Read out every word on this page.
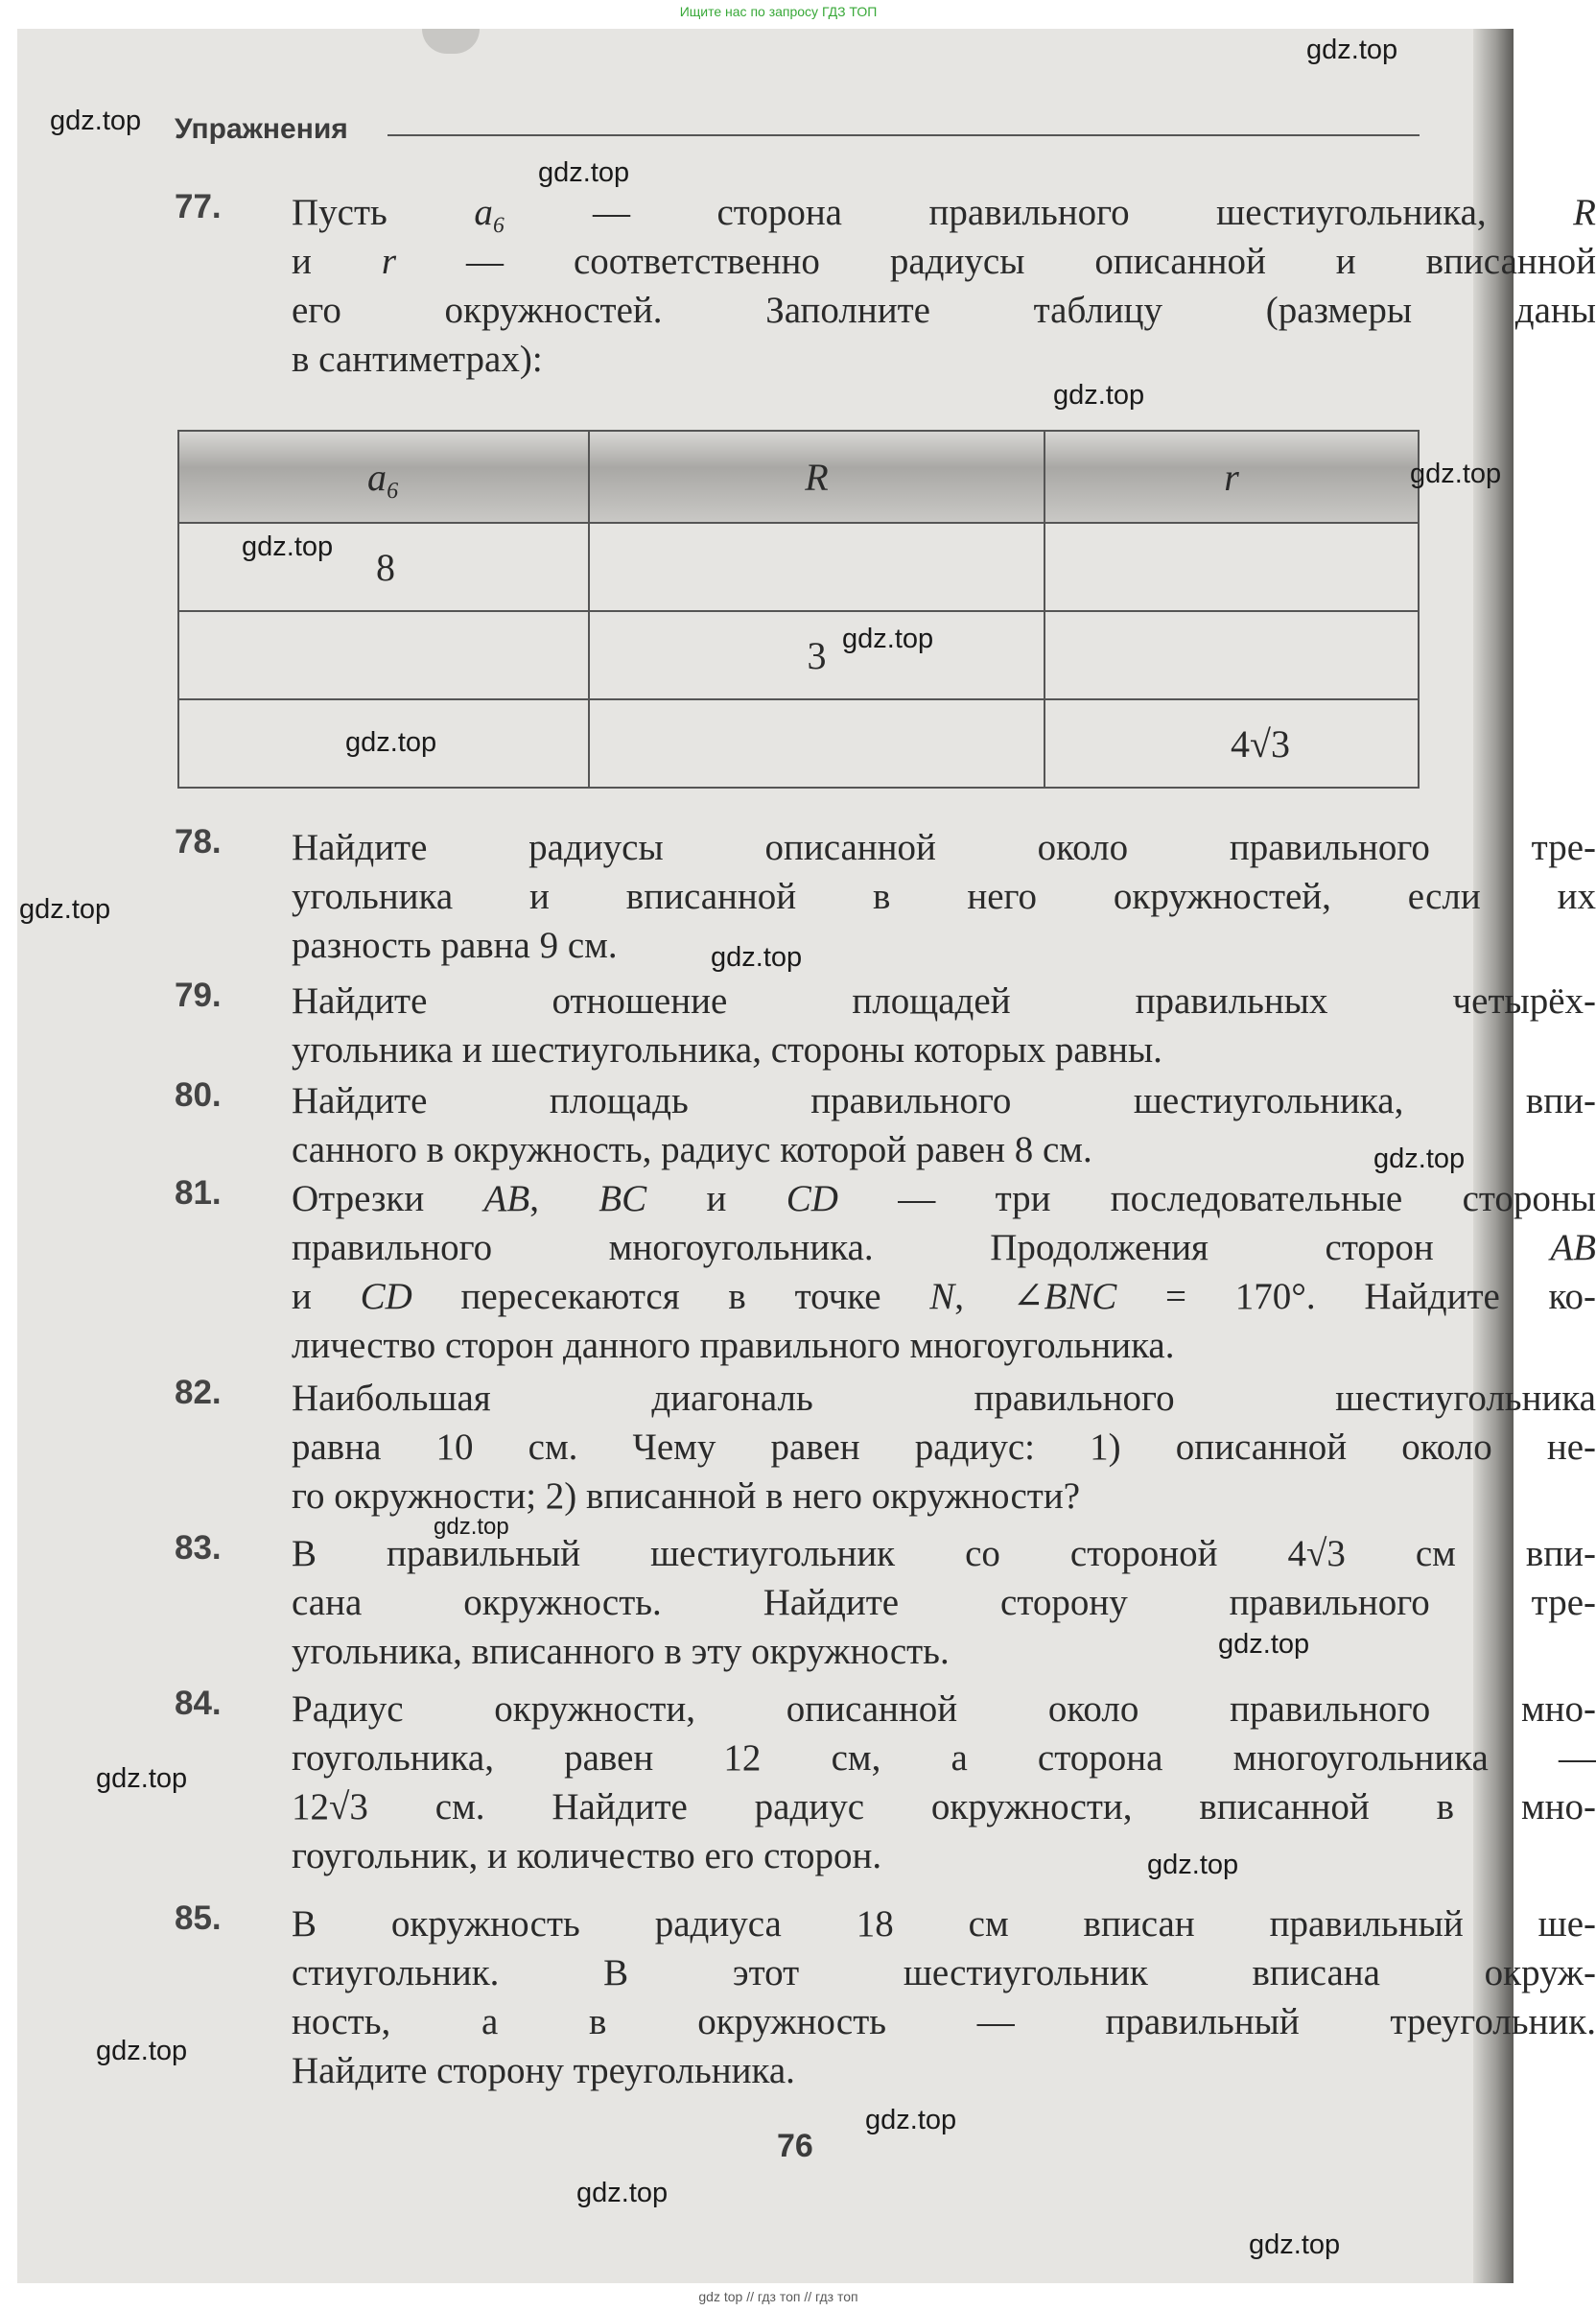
Ищите нас по запросу ГДЗ ТОП
Упражнения
77. Пусть a₆ — сторона правильного шестиугольника, R
и r — соответственно радиусы описанной и вписанной
его окружностей. Заполните таблицу (размеры даны
в сантиметрах):

a₆	R	r
8		
	3	
		4√3
78. Найдите радиусы описанной около правильного тре-
угольника и вписанной в него окружностей, если их
разность равна 9 см.

79. Найдите отношение площадей правильных четырёх-
угольника и шестиугольника, стороны которых равны.

80. Найдите площадь правильного шестиугольника, впи-
санного в окружность, радиус которой равен 8 см.

81. Отрезки AB, BC и CD — три последовательные стороны
правильного многоугольника. Продолжения сторон AB
и CD пересекаются в точке N, ∠BNC = 170°. Найдите ко-
личество сторон данного правильного многоугольника.

82. Наибольшая диагональ правильного шестиугольника
равна 10 см. Чему равен радиус: 1) описанной около не-
го окружности; 2) вписанной в него окружности?

83. В правильный шестиугольник со стороной 4√3 см впи-
сана окружность. Найдите сторону правильного тре-
угольника, вписанного в эту окружность.

84. Радиус окружности, описанной около правильного мно-
гоугольника, равен 12 см, а сторона многоугольника —
12√3 см. Найдите радиус окружности, вписанной в мно-
гоугольник, и количество его сторон.

85. В окружность радиуса 18 см вписан правильный ше-
стиугольник. В этот шестиугольник вписана окруж-
ность, а в окружность — правильный треугольник.
Найдите сторону треугольника.

76
gdz.top
gdz.top
gdz.top
gdz.top
gdz.top
gdz.top
gdz.top
gdz.top
gdz.top
gdz.top
gdz.top
gdz.top
gdz.top
gdz.top
gdz.top
gdz.top
gdz.top
gdz.top
gdz.top
gdz top // гдз топ // гдз топ
